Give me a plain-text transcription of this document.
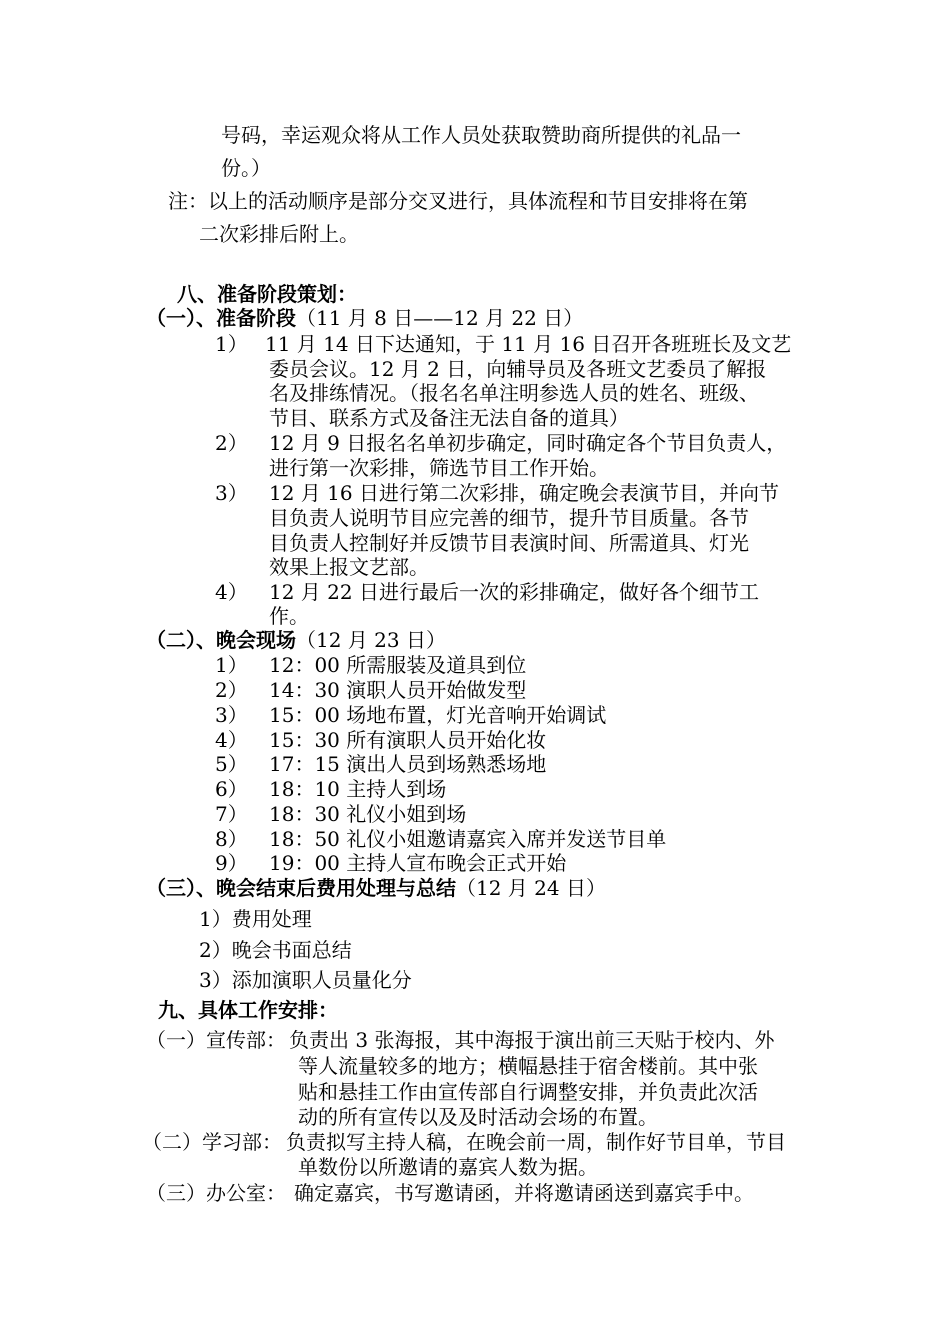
号码，幸运观众将从工作人员处获取赞助商所提供的礼品一
份。）
注：以上的活动顺序是部分交叉进行，具体流程和节目安排将在第
二次彩排后附上。
八、准备阶段策划：
（一）、准备阶段（11 月 8 日——12 月 22 日）
1） 11 月 14 日下达通知，于 11 月 16 日召开各班班长及文艺
委员会议。12 月 2 日，向辅导员及各班文艺委员了解报
名及排练情况。（报名名单注明参选人员的姓名、班级、
节目、联系方式及备注无法自备的道具）
2） 12 月 9 日报名名单初步确定，同时确定各个节目负责人，
进行第一次彩排，筛选节目工作开始。
3） 12 月 16 日进行第二次彩排，确定晚会表演节目，并向节
目负责人说明节目应完善的细节，提升节目质量。各节
目负责人控制好并反馈节目表演时间、所需道具、灯光
效果上报文艺部。
4） 12 月 22 日进行最后一次的彩排确定，做好各个细节工
作。
（二）、晚会现场（12 月 23 日）
1） 12：00 所需服装及道具到位
2） 14：30 演职人员开始做发型
3） 15：00 场地布置，灯光音响开始调试
4） 15：30 所有演职人员开始化妆
5） 17：15 演出人员到场熟悉场地
6） 18：10 主持人到场
7） 18：30 礼仪小姐到场
8） 18：50 礼仪小姐邀请嘉宾入席并发送节目单
9） 19：00 主持人宣布晚会正式开始
（三）、晚会结束后费用处理与总结（12 月 24 日）
1）费用处理
2）晚会书面总结
3）添加演职人员量化分
九、具体工作安排：
（一）宣传部： 负责出 3 张海报，其中海报于演出前三天贴于校内、外
等人流量较多的地方；横幅悬挂于宿舍楼前。其中张
贴和悬挂工作由宣传部自行调整安排，并负责此次活
动的所有宣传以及及时活动会场的布置。
（二）学习部： 负责拟写主持人稿，在晚会前一周，制作好节目单，节目
单数份以所邀请的嘉宾人数为据。
（三）办公室： 确定嘉宾，书写邀请函，并将邀请函送到嘉宾手中。
